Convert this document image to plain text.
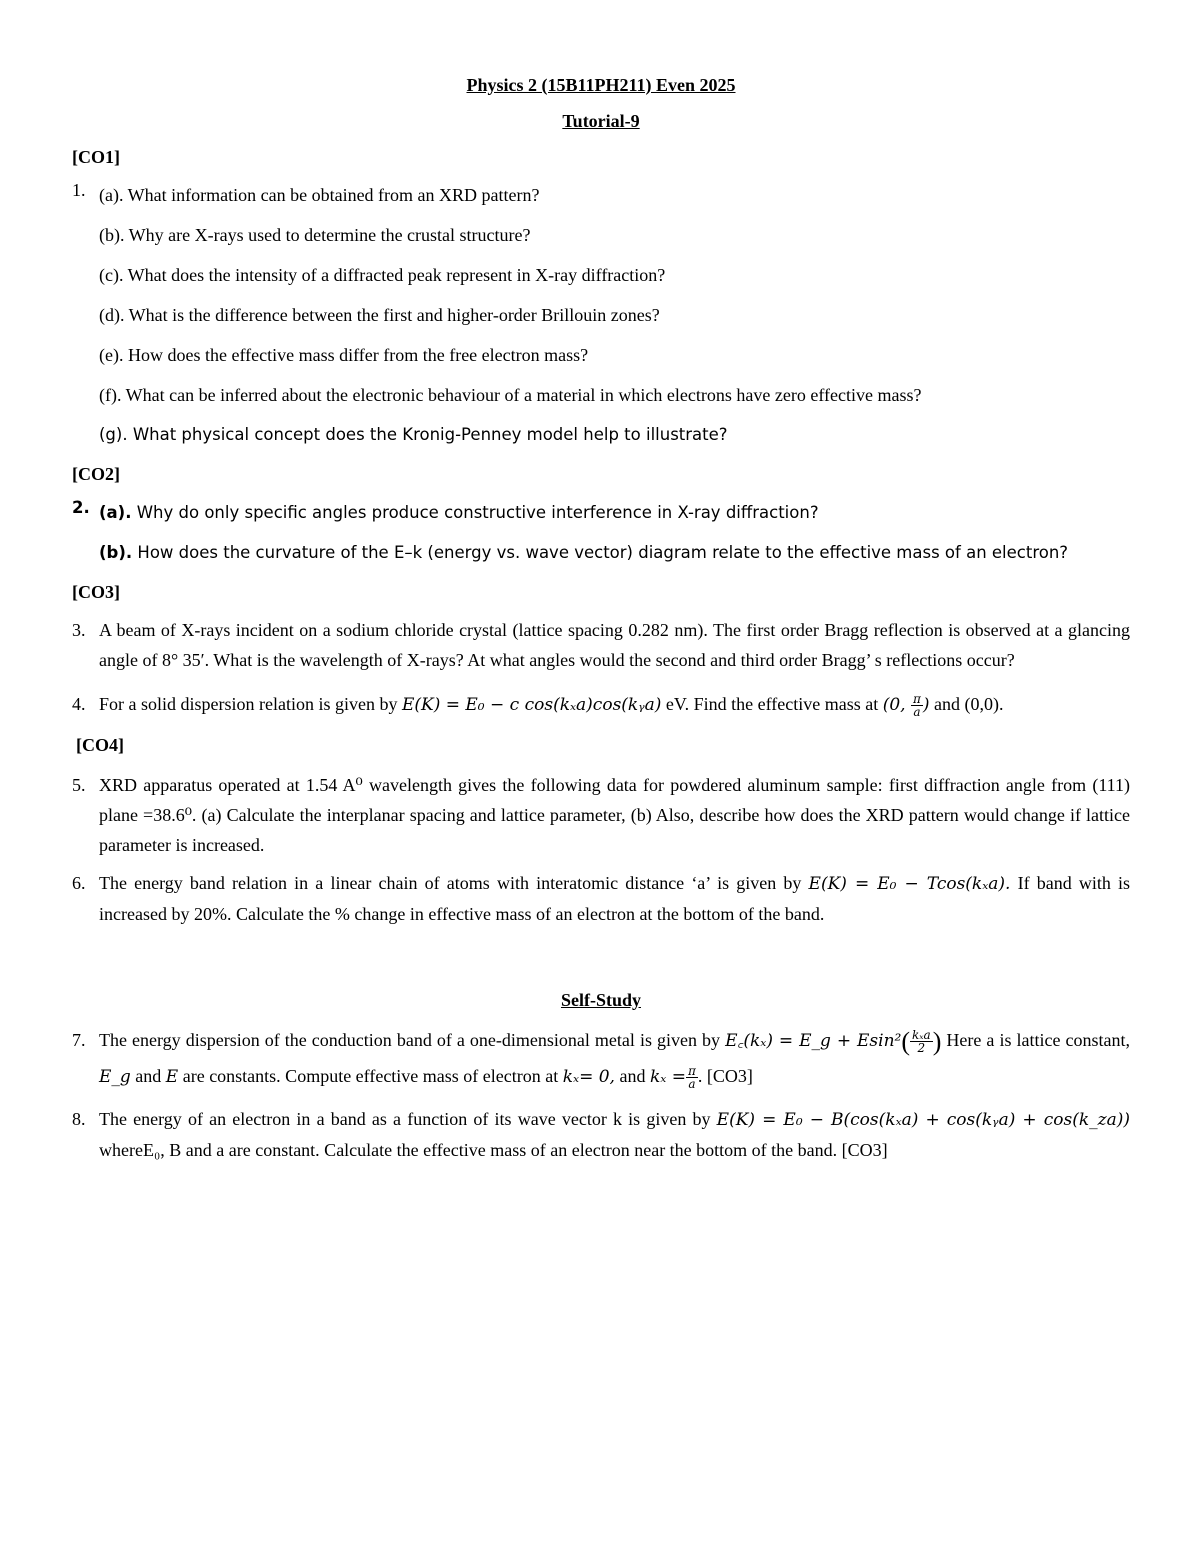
Physics 2 (15B11PH211) Even 2025

Tutorial-9

[CO1]

1. (a). What information can be obtained from an XRD pattern?

(b). Why are X-rays used to determine the crustal structure?

(c). What does the intensity of a diffracted peak represent in X-ray diffraction?

(d). What is the difference between the first and higher-order Brillouin zones?

(e). How does the effective mass differ from the free electron mass?

(f). What can be inferred about the electronic behaviour of a material in which electrons have zero effective mass?

(g). What physical concept does the Kronig-Penney model help to illustrate?

[CO2]

2. (a). Why do only specific angles produce constructive interference in X-ray diffraction?

(b). How does the curvature of the E–k (energy vs. wave vector) diagram relate to the effective mass of an electron?

[CO3]

3. A beam of X-rays incident on a sodium chloride crystal (lattice spacing 0.282 nm). The first order Bragg reflection is observed at a glancing angle of 8° 35′. What is the wavelength of X-rays? At what angles would the second and third order Bragg’ s reflections occur?

4. For a solid dispersion relation is given by E(K) = E₀ − c cos(kₓa)cos(kᵧa) eV. Find the effective mass at (0, $\frac{\pi}{a}$ ) and (0,0).

[CO4]

5. XRD apparatus operated at 1.54 A⁰ wavelength gives the following data for powdered aluminum sample: first diffraction angle from (111) plane =38.6⁰. (a) Calculate the interplanar spacing and lattice parameter, (b) Also, describe how does the XRD pattern would change if lattice parameter is increased.

6. The energy band relation in a linear chain of atoms with interatomic distance ‘a’ is given by E(K) = E₀ − Tcos(kₓa). If band with is increased by 20%. Calculate the % change in effective mass of an electron at the bottom of the band.

Self-Study

7. The energy dispersion of the conduction band of a one-dimensional metal is given by E꜀(kₓ) = E_g + $Esin^2( \frac{\text{kₓa}}{2}$ ) Here a is lattice constant, E_g and E are constants. Compute effective mass of electron at kₓ= 0, and $k_x = \frac{\pi}{a}$ . [CO3]

8. The energy of an electron in a band as a function of its wave vector k is given by E(K) = E₀ − B(cos(kₓa) + cos(kᵧa) + cos(k_za)) whereE₀, B and a are constant. Calculate the effective mass of an electron near the bottom of the band. [CO3]
